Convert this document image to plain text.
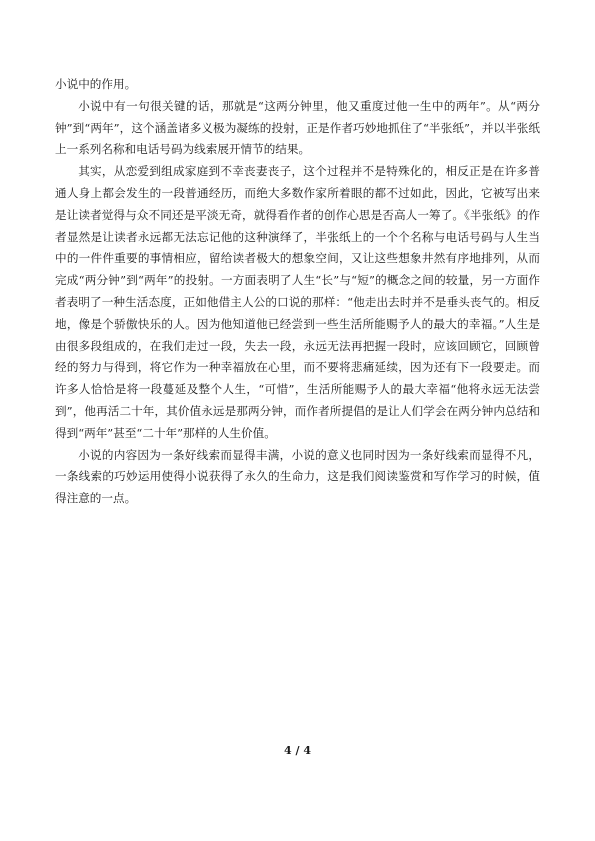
小说中的作用。

小说中有一句很关键的话，那就是“这两分钟里，他又重度过他一生中的两年”。从“两分钟”到“两年”，这个涵盖诸多义极为凝练的投射，正是作者巧妙地抓住了“半张纸”，并以半张纸上一系列名称和电话号码为线索展开情节的结果。

其实，从恋爱到组成家庭到不幸丧妻丧子，这个过程并不是特殊化的，相反正是在许多普通人身上都会发生的一段普通经历，而绝大多数作家所着眼的都不过如此，因此，它被写出来是让读者觉得与众不同还是平淡无奇，就得看作者的创作心思是否高人一筹了。《半张纸》的作者显然是让读者永远都无法忘记他的这种演绎了，半张纸上的一个个名称与电话号码与人生当中的一件件重要的事情相应，留给读者极大的想象空间，又让这些想象井然有序地排列，从而完成“两分钟”到“两年”的投射。一方面表明了人生“长”与“短”的概念之间的较量，另一方面作者表明了一种生活态度，正如他借主人公的口说的那样：“他走出去时并不是垂头丧气的。相反地，像是个骄傲快乐的人。因为他知道他已经尝到一些生活所能赐予人的最大的幸福。”人生是由很多段组成的，在我们走过一段，失去一段，永远无法再把握一段时，应该回顾它，回顾曾经的努力与得到，将它作为一种幸福放在心里，而不要将悲痛延续，因为还有下一段要走。而许多人恰恰是将一段蔓延及整个人生，“可惜”，生活所能赐予人的最大幸福“他将永远无法尝到”，他再活二十年，其价值永远是那两分钟，而作者所提倡的是让人们学会在两分钟内总结和得到“两年”甚至“二十年”那样的人生价值。

小说的内容因为一条好线索而显得丰满，小说的意义也同时因为一条好线索而显得不凡，一条线索的巧妙运用使得小说获得了永久的生命力，这是我们阅读鉴赏和写作学习的时候，值得注意的一点。

4 / 4
